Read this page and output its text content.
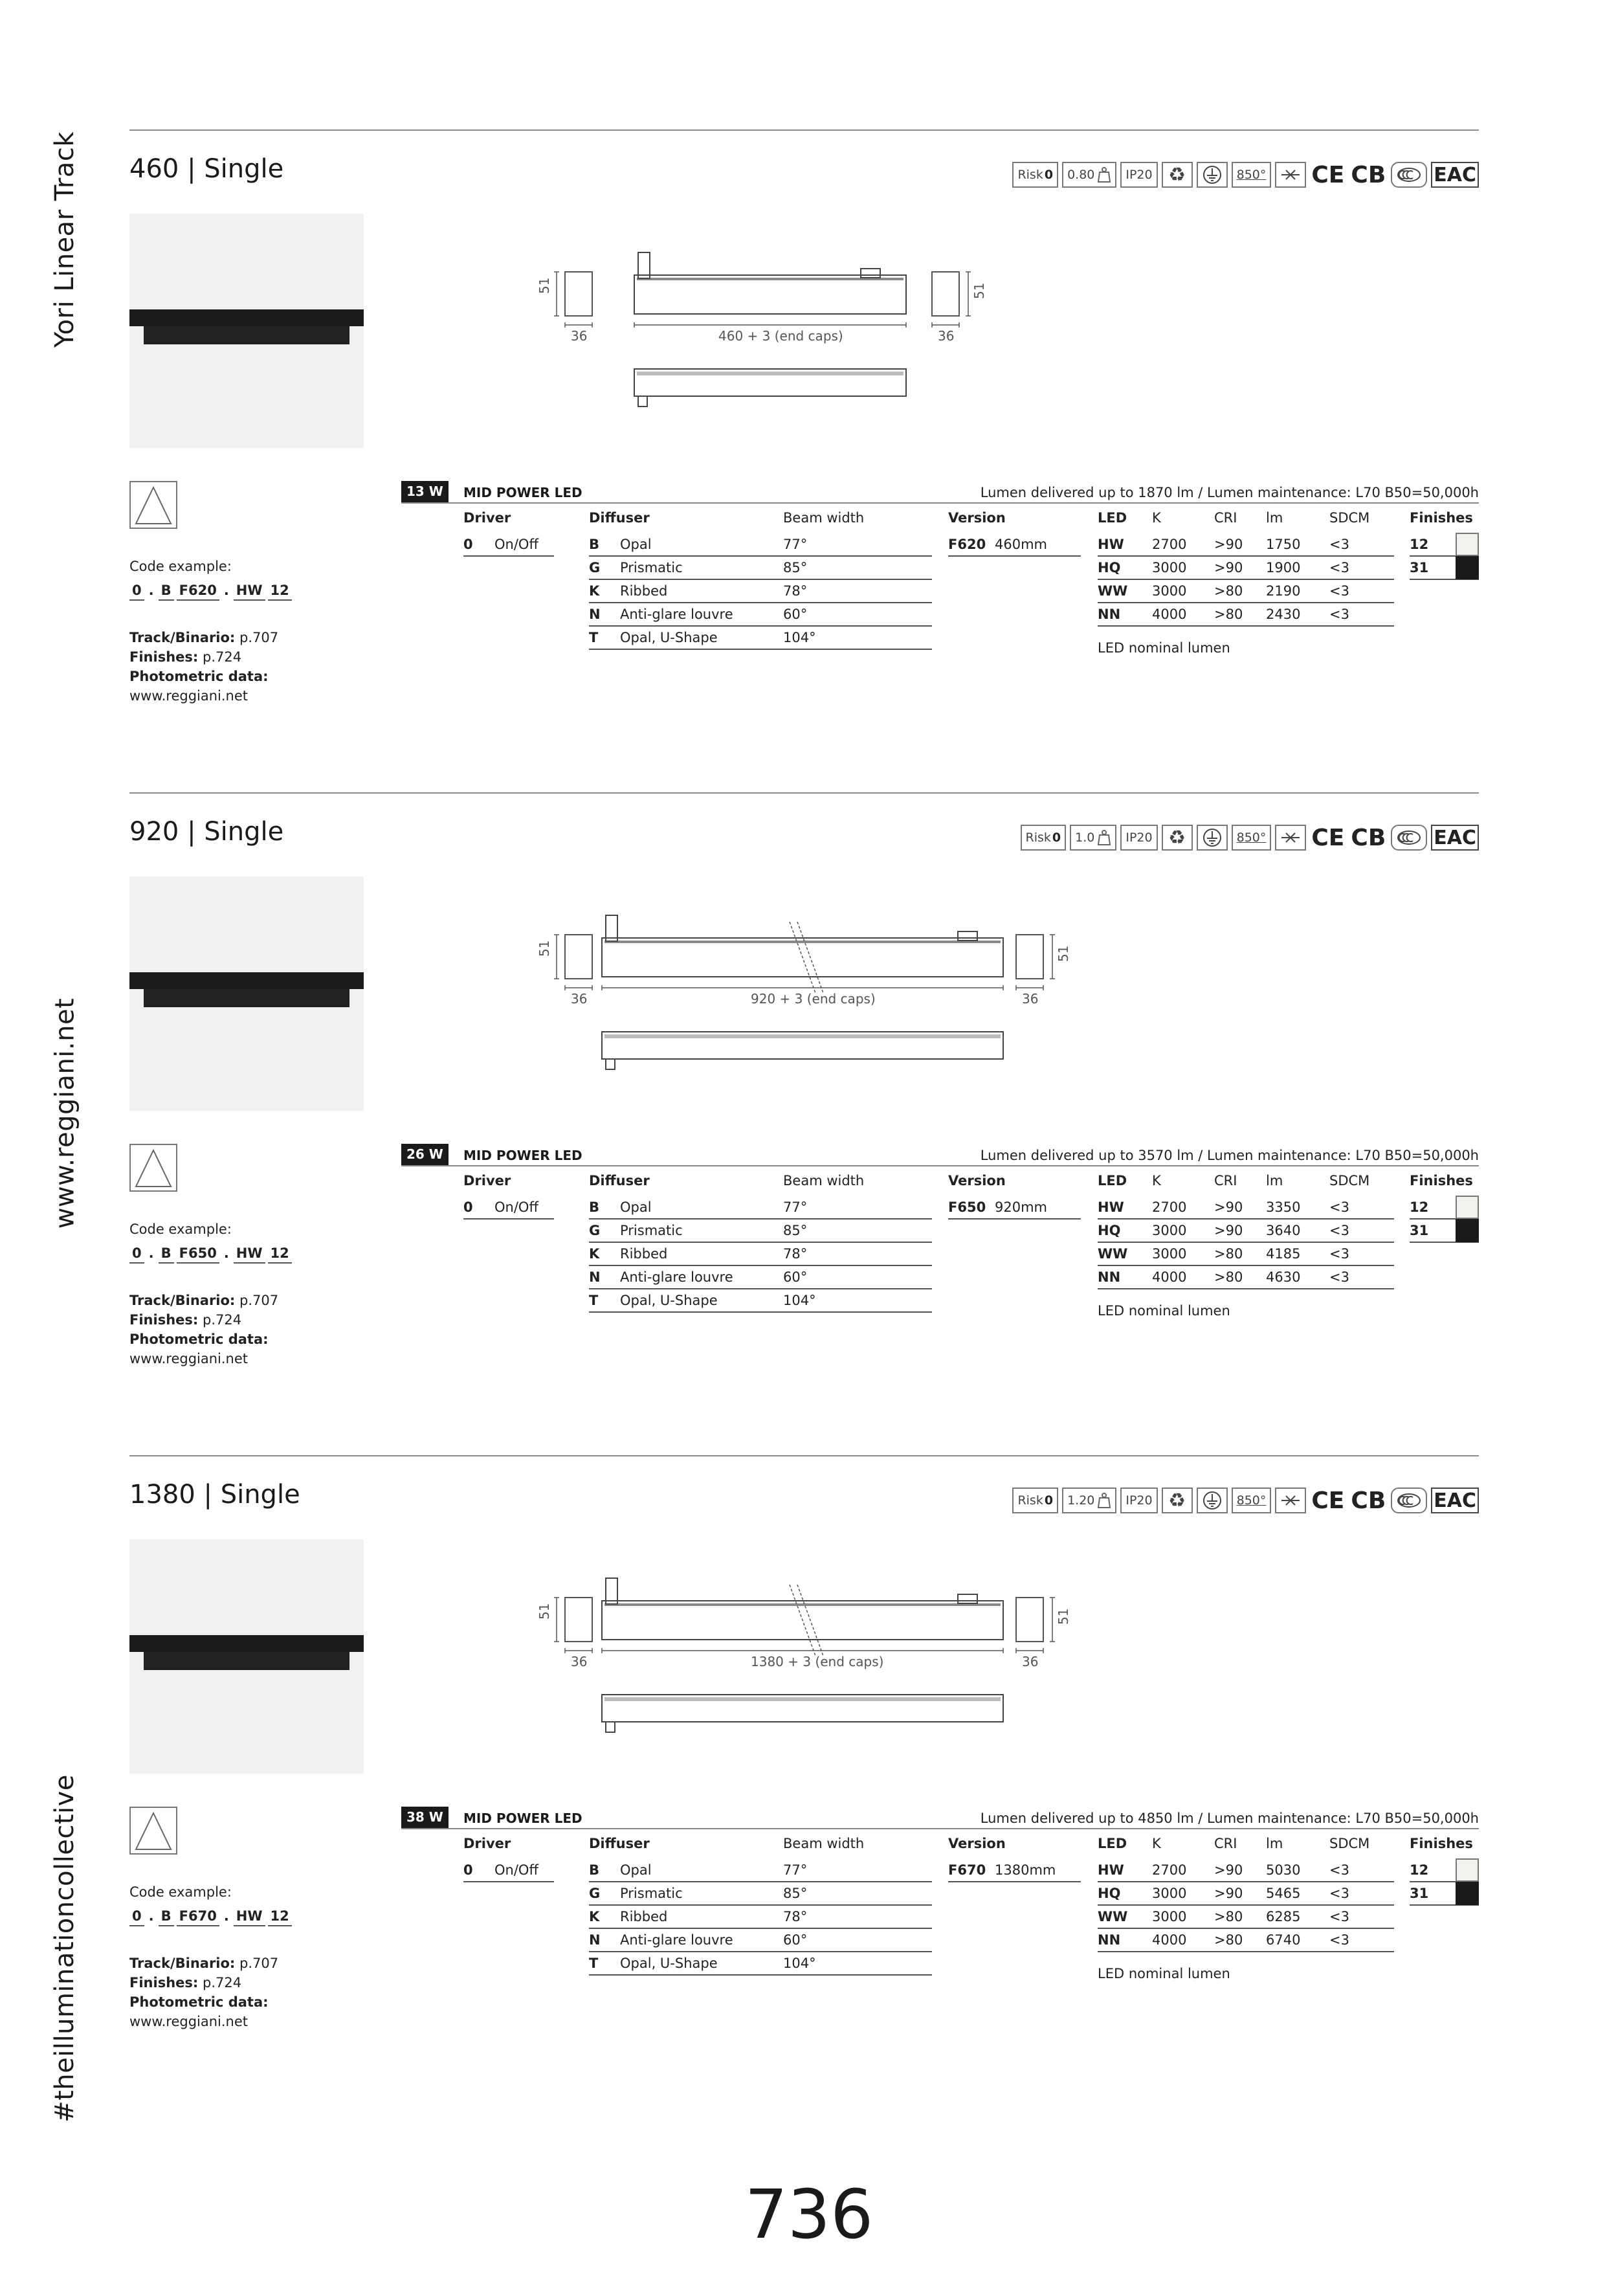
Yori Linear Track
www.reggiani.net
#theilluminationcollective
460 | Single	Risk 0 0.80	IP20 ♻	850° CE CB EAC
51
36	460 + 3 (end caps)
51
36
Code example:
0 . B F620 . HW 12
Track/Binario: p.707
Finishes: p.724
Photometric data:
www.reggiani.net
13 W	MID POWER LED	Lumen delivered up to 1870 lm / Lumen maintenance: L70 B50=50,000h
Driver
0	On/Off
Diffuser	Beam width
B	Opal	77°
G	Prismatic	85°
K	Ribbed	78°
N	Anti-glare louvre	60°
T	Opal, U-Shape	104°
Version
F620 460mm
LED	K	CRI	lm	SDCM
HW	2700	>90	1750	<3
HQ	3000	>90	1900	<3
WW	3000	>80	2190	<3
NN	4000	>80	2430	<3
LED nominal lumen
Finishes
12
31
920 | Single	Risk 0 1.0	IP20 ♻	850° CE CB EAC
51
36	920 + 3 (end caps)
51
36
Code example:
0 . B F650 . HW 12
Track/Binario: p.707
Finishes: p.724
Photometric data:
www.reggiani.net
26 W	MID POWER LED	Lumen delivered up to 3570 lm / Lumen maintenance: L70 B50=50,000h
Driver
0	On/Off
Diffuser	Beam width
B	Opal	77°
G	Prismatic	85°
K	Ribbed	78°
N	Anti-glare louvre	60°
T	Opal, U-Shape	104°
Version
F650 920mm
LED	K	CRI	lm	SDCM
HW	2700	>90	3350	<3
HQ	3000	>90	3640	<3
WW	3000	>80	4185	<3
NN	4000	>80	4630	<3
LED nominal lumen
Finishes
12
31
1380 | Single	Risk 0 1.20	IP20 ♻	850° CE CB EAC
51
36	1380 + 3 (end caps)
51
36
Code example:
0 . B F670 . HW 12
Track/Binario: p.707
Finishes: p.724
Photometric data:
www.reggiani.net
38 W	MID POWER LED	Lumen delivered up to 4850 lm / Lumen maintenance: L70 B50=50,000h
Driver
0	On/Off
Diffuser	Beam width
B	Opal	77°
G	Prismatic	85°
K	Ribbed	78°
N	Anti-glare louvre	60°
T	Opal, U-Shape	104°
Version
F670 1380mm
LED	K	CRI	lm	SDCM
HW	2700	>90	5030	<3
HQ	3000	>90	5465	<3
WW	3000	>80	6285	<3
NN	4000	>80	6740	<3
LED nominal lumen
Finishes
12
31
736
